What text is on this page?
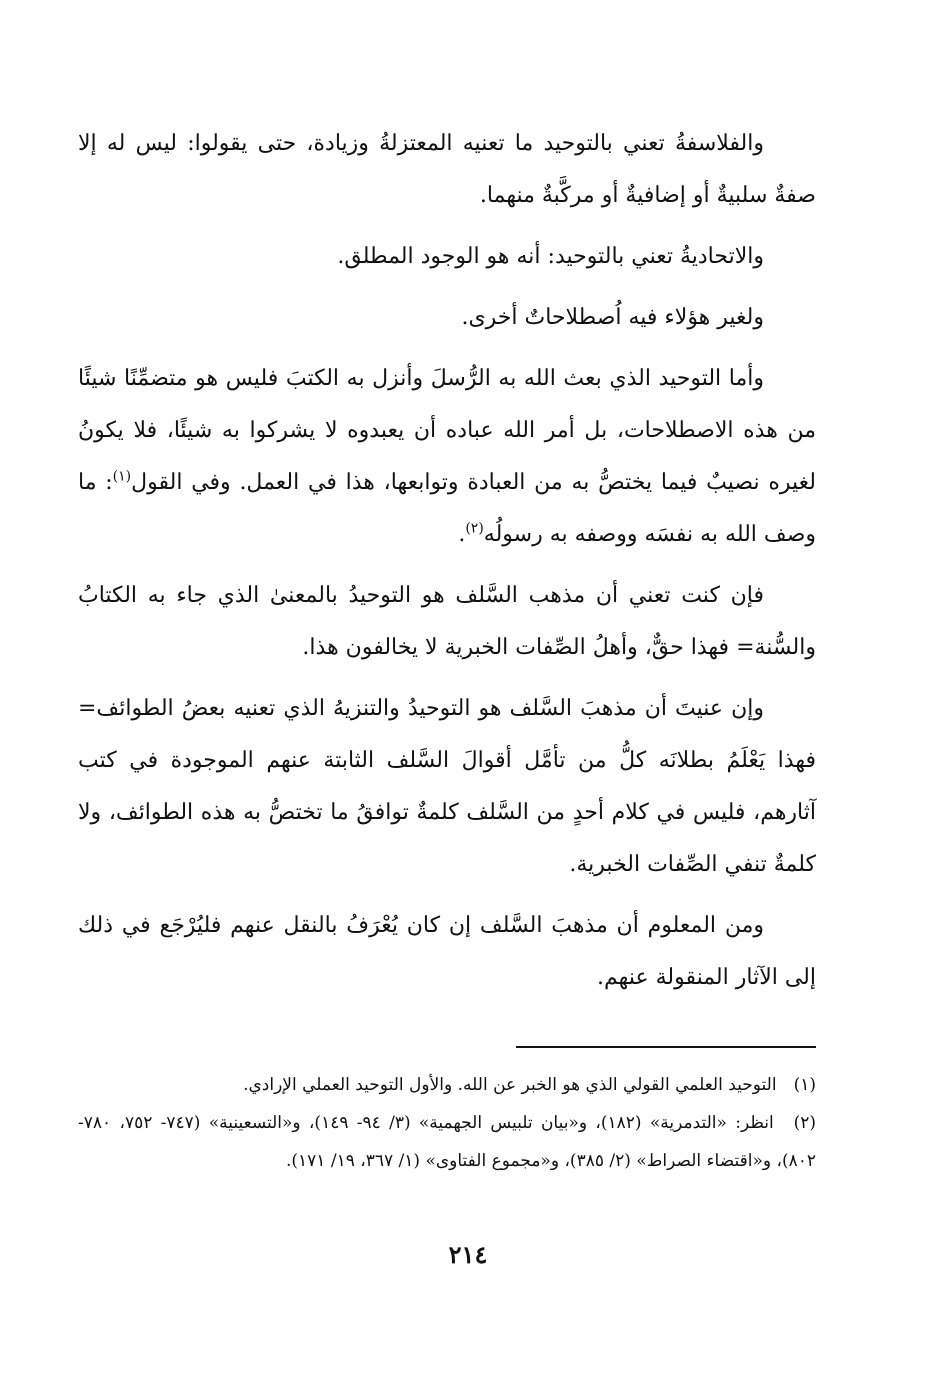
والفلاسفةُ تعني بالتوحيد ما تعنيه المعتزلةُ وزيادة، حتى يقولوا: ليس له إلا صفةٌ سلبيةٌ أو إضافيةٌ أو مركَّبةٌ منهما.

والاتحاديةُ تعني بالتوحيد: أنه هو الوجود المطلق.

ولغير هؤلاء فيه اُصطلاحاتٌ أخرى.

وأما التوحيد الذي بعث الله به الرُّسلَ وأنزل به الكتبَ فليس هو متضمِّنًا شيئًا من هذه الاصطلاحات، بل أمر الله عباده أن يعبدوه لا يشركوا به شيئًا، فلا يكونُ لغيره نصيبٌ فيما يختصُّ به من العبادة وتوابعها، هذا في العمل. وفي القول$^{(١)}$: ما وصف الله به نفسَه ووصفه به رسولُه$^{(٢)}$.

فإن كنت تعني أن مذهب السَّلف هو التوحيدُ بالمعنىٰ الذي جاء به الكتابُ والسُّنة= فهذا حقٌّ، وأهلُ الصِّفات الخبرية لا يخالفون هذا.

وإن عنيتَ أن مذهبَ السَّلف هو التوحيدُ والتنزيهُ الذي تعنيه بعضُ الطوائف= فهذا يَعْلَمُ بطلانَه كلُّ من تأمَّل أقوالَ السَّلف الثابتة عنهم الموجودة في كتب آثارهم، فليس في كلام أحدٍ من السَّلف كلمةٌ توافقُ ما تختصُّ به هذه الطوائف، ولا كلمةٌ تنفي الصِّفات الخبرية.

ومن المعلوم أن مذهبَ السَّلف إن كان يُعْرَفُ بالنقل عنهم فليُرْجَع في ذلك إلى الآثار المنقولة عنهم.

(١) التوحيد العلمي القولي الذي هو الخبر عن الله. والأول التوحيد العملي الإرادي.

(٢) انظر: «التدمرية» (١٨٢)، و«بيان تلبيس الجهمية» (٣/ ٩٤- ١٤٩)، و«التسعينية» (٧٤٧- ٧٥٢، ٧٨٠- ٨٠٢)، و«اقتضاء الصراط» (٢/ ٣٨٥)، و«مجموع الفتاوى» (١/ ٣٦٧، ١٩/ ١٧١).

٢١٤
